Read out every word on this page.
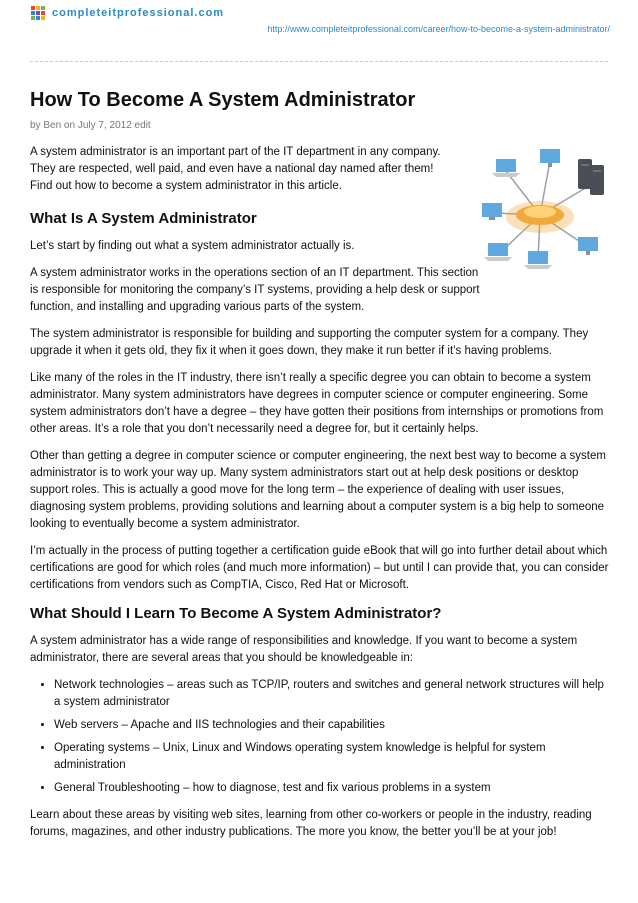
completeitprofessional.com
http://www.completeitprofessional.com/career/how-to-become-a-system-administrator/
How To Become A System Administrator
by Ben on July 7, 2012 edit

A system administrator is an important part of the IT department in any company.

They are respected, well paid, and even have a national day named after them!

Find out how to become a system administrator in this article.

What Is A System Administrator

Let’s start by finding out what a system administrator actually is.

A system administrator works in the operations section of an IT department. This section is responsible for monitoring the company’s IT systems, providing a help desk or support function, and installing and upgrading various parts of the system.

The system administrator is responsible for building and supporting the computer system for a company. They upgrade it when it gets old, they fix it when it goes down, they make it run better if it’s having problems.

Like many of the roles in the IT industry, there isn’t really a specific degree you can obtain to become a system administrator. Many system administrators have degrees in computer science or computer engineering. Some system administrators don’t have a degree – they have gotten their positions from internships or promotions from other areas. It’s a role that you don’t necessarily need a degree for, but it certainly helps.

Other than getting a degree in computer science or computer engineering, the next best way to become a system administrator is to work your way up. Many system administrators start out at help desk positions or desktop support roles. This is actually a good move for the long term – the experience of dealing with user issues, diagnosing system problems, providing solutions and learning about a computer system is a big help to someone looking to eventually become a system administrator.

I’m actually in the process of putting together a certification guide eBook that will go into further detail about which certifications are good for which roles (and much more information) – but until I can provide that, you can consider certifications from vendors such as CompTIA, Cisco, Red Hat or Microsoft.

What Should I Learn To Become A System Administrator?

A system administrator has a wide range of responsibilities and knowledge. If you want to become a system administrator, there are several areas that you should be knowledgeable in:

• Network technologies – areas such as TCP/IP, routers and switches and general network structures will help a system administrator
• Web servers – Apache and IIS technologies and their capabilities
• Operating systems – Unix, Linux and Windows operating system knowledge is helpful for system administration
• General Troubleshooting – how to diagnose, test and fix various problems in a system

Learn about these areas by visiting web sites, learning from other co-workers or people in the industry, reading forums, magazines, and other industry publications. The more you know, the better you’ll be at your job!
